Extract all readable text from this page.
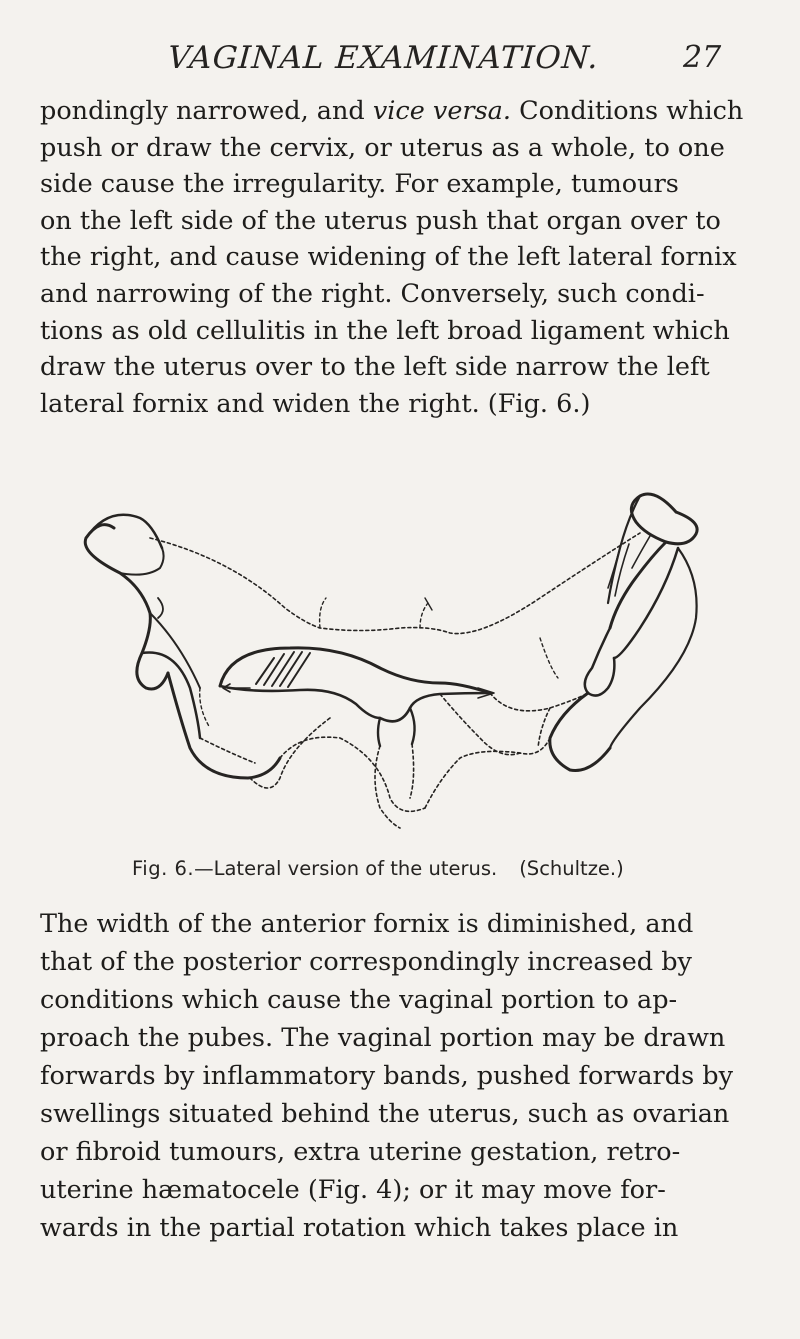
VAGINAL EXAMINATION.	27
pondingly narrowed, and vice versa. Conditions which
push or draw the cervix, or uterus as a whole, to one
side cause the irregularity. For example, tumours
on the left side of the uterus push that organ over to
the right, and cause widening of the left lateral fornix
and narrowing of the right. Conversely, such condi-
tions as old cellulitis in the left broad ligament which
draw the uterus over to the left side narrow the left
lateral fornix and widen the right. (Fig. 6.)
Fig. 6.—Lateral version of the uterus. (Schultze.)
The width of the anterior fornix is diminished, and
that of the posterior correspondingly increased by
conditions which cause the vaginal portion to ap-
proach the pubes. The vaginal portion may be drawn
forwards by inflammatory bands, pushed forwards by
swellings situated behind the uterus, such as ovarian
or fibroid tumours, extra uterine gestation, retro-
uterine hæmatocele (Fig. 4); or it may move for-
wards in the partial rotation which takes place in
